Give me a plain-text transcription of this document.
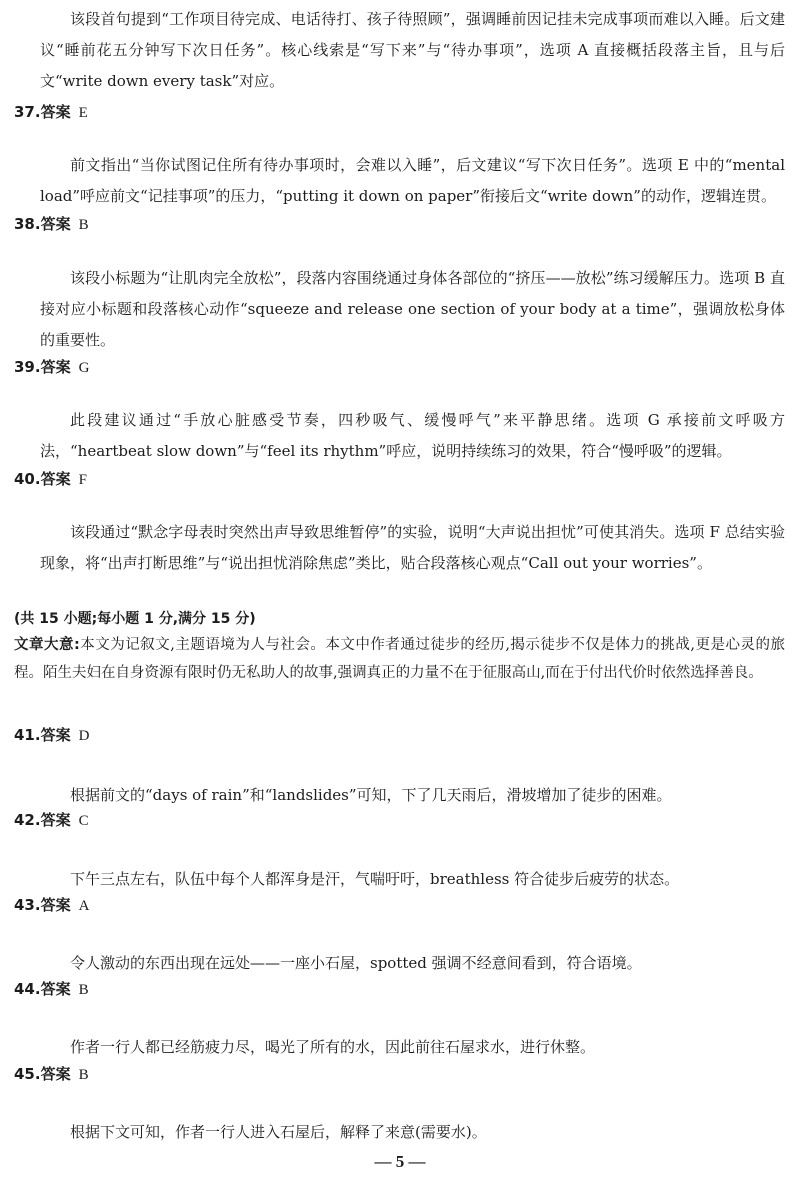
该段首句提到“工作项目待完成、电话待打、孩子待照顾”，强调睡前因记挂未完成事项而难以入睡。后文建议“睡前花五分钟写下次日任务”。核心线索是“写下来”与“待办事项”，选项 A 直接概括段落主旨，且与后文“write down every task”对应。

37.答案 E

前文指出“当你试图记住所有待办事项时，会难以入睡”，后文建议“写下次日任务”。选项 E 中的“mental load”呼应前文“记挂事项”的压力，“putting it down on paper”衔接后文“write down”的动作，逻辑连贯。

38.答案 B

该段小标题为“让肌肉完全放松”，段落内容围绕通过身体各部位的“挤压——放松”练习缓解压力。选项 B 直接对应小标题和段落核心动作“squeeze and release one section of your body at a time”，强调放松身体的重要性。

39.答案 G

此段建议通过“手放心脏感受节奏，四秒吸气、缓慢呼气”来平静思绪。选项 G 承接前文呼吸方法，“heartbeat slow down”与“feel its rhythm”呼应，说明持续练习的效果，符合“慢呼吸”的逻辑。

40.答案 F

该段通过“默念字母表时突然出声导致思维暂停”的实验，说明“大声说出担忧”可使其消失。选项 F 总结实验现象，将“出声打断思维”与“说出担忧消除焦虑”类比，贴合段落核心观点“Call out your worries”。

(共 15 小题;每小题 1 分,满分 15 分)

文章大意:本文为记叙文,主题语境为人与社会。本文中作者通过徒步的经历,揭示徒步不仅是体力的挑战,更是心灵的旅程。陌生夫妇在自身资源有限时仍无私助人的故事,强调真正的力量不在于征服高山,而在于付出代价时依然选择善良。

41.答案 D

根据前文的“days of rain”和“landslides”可知，下了几天雨后，滑坡增加了徒步的困难。

42.答案 C

下午三点左右，队伍中每个人都浑身是汗，气喘吁吁，breathless 符合徒步后疲劳的状态。

43.答案 A

令人激动的东西出现在远处——一座小石屋，spotted 强调不经意间看到，符合语境。

44.答案 B

作者一行人都已经筋疲力尽，喝光了所有的水，因此前往石屋求水，进行休整。

45.答案 B

根据下文可知，作者一行人进入石屋后，解释了来意(需要水)。

— 5 —
